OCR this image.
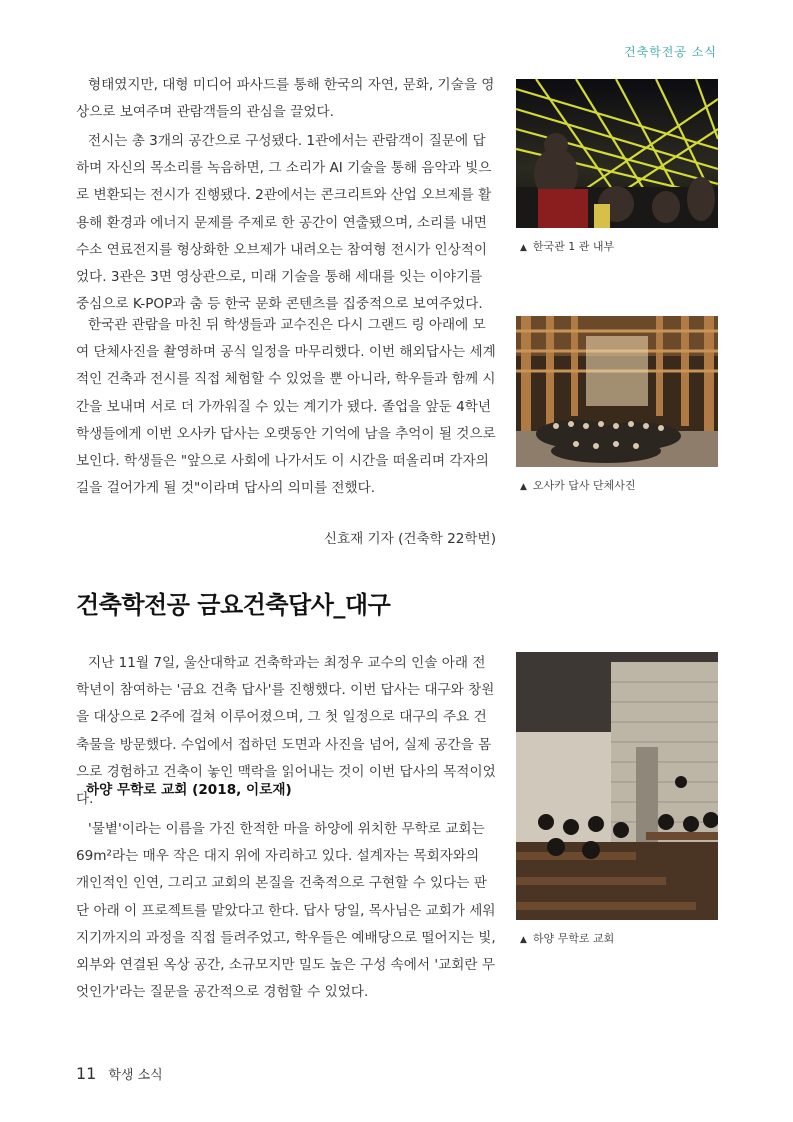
건축학전공 소식

형태였지만, 대형 미디어 파사드를 통해 한국의 자연, 문화, 기술을 영상으로 보여주며 관람객들의 관심을 끌었다.

전시는 총 3개의 공간으로 구성됐다. 1관에서는 관람객이 질문에 답하며 자신의 목소리를 녹음하면, 그 소리가 AI 기술을 통해 음악과 빛으로 변환되는 전시가 진행됐다. 2관에서는 콘크리트와 산업 오브제를 활용해 환경과 에너지 문제를 주제로 한 공간이 연출됐으며, 소리를 내면 수소 연료전지를 형상화한 오브제가 내려오는 참여형 전시가 인상적이었다. 3관은 3면 영상관으로, 미래 기술을 통해 세대를 잇는 이야기를 중심으로 K-POP과 춤 등 한국 문화 콘텐츠를 집중적으로 보여주었다.

한국관 관람을 마친 뒤 학생들과 교수진은 다시 그랜드 링 아래에 모여 단체사진을 촬영하며 공식 일정을 마무리했다. 이번 해외답사는 세계적인 건축과 전시를 직접 체험할 수 있었을 뿐 아니라, 학우들과 함께 시간을 보내며 서로 더 가까워질 수 있는 계기가 됐다. 졸업을 앞둔 4학년 학생들에게 이번 오사카 답사는 오랫동안 기억에 남을 추억이 될 것으로 보인다. 학생들은 "앞으로 사회에 나가서도 이 시간을 떠올리며 각자의 길을 걸어가게 될 것"이라며 답사의 의미를 전했다.

▲ 한국관 1 관 내부
▲ 오사카 답사 단체사진
신효재 기자 (건축학 22학번)
건축학전공 금요건축답사_대구

지난 11월 7일, 울산대학교 건축학과는 최정우 교수의 인솔 아래 전 학년이 참여하는 '금요 건축 답사'를 진행했다. 이번 답사는 대구와 창원을 대상으로 2주에 걸쳐 이루어졌으며, 그 첫 일정으로 대구의 주요 건축물을 방문했다. 수업에서 접하던 도면과 사진을 넘어, 실제 공간을 몸으로 경험하고 건축이 놓인 맥락을 읽어내는 것이 이번 답사의 목적이었다.

하양 무학로 교회 (2018, 이로재)

'물볕'이라는 이름을 가진 한적한 마을 하양에 위치한 무학로 교회는 69m²라는 매우 작은 대지 위에 자리하고 있다. 설계자는 목회자와의 개인적인 인연, 그리고 교회의 본질을 건축적으로 구현할 수 있다는 판단 아래 이 프로젝트를 맡았다고 한다. 답사 당일, 목사님은 교회가 세워지기까지의 과정을 직접 들려주었고, 학우들은 예배당으로 떨어지는 빛, 외부와 연결된 옥상 공간, 소규모지만 밀도 높은 구성 속에서 '교회란 무엇인가'라는 질문을 공간적으로 경험할 수 있었다.

▲ 하양 무학로 교회
11 학생 소식
